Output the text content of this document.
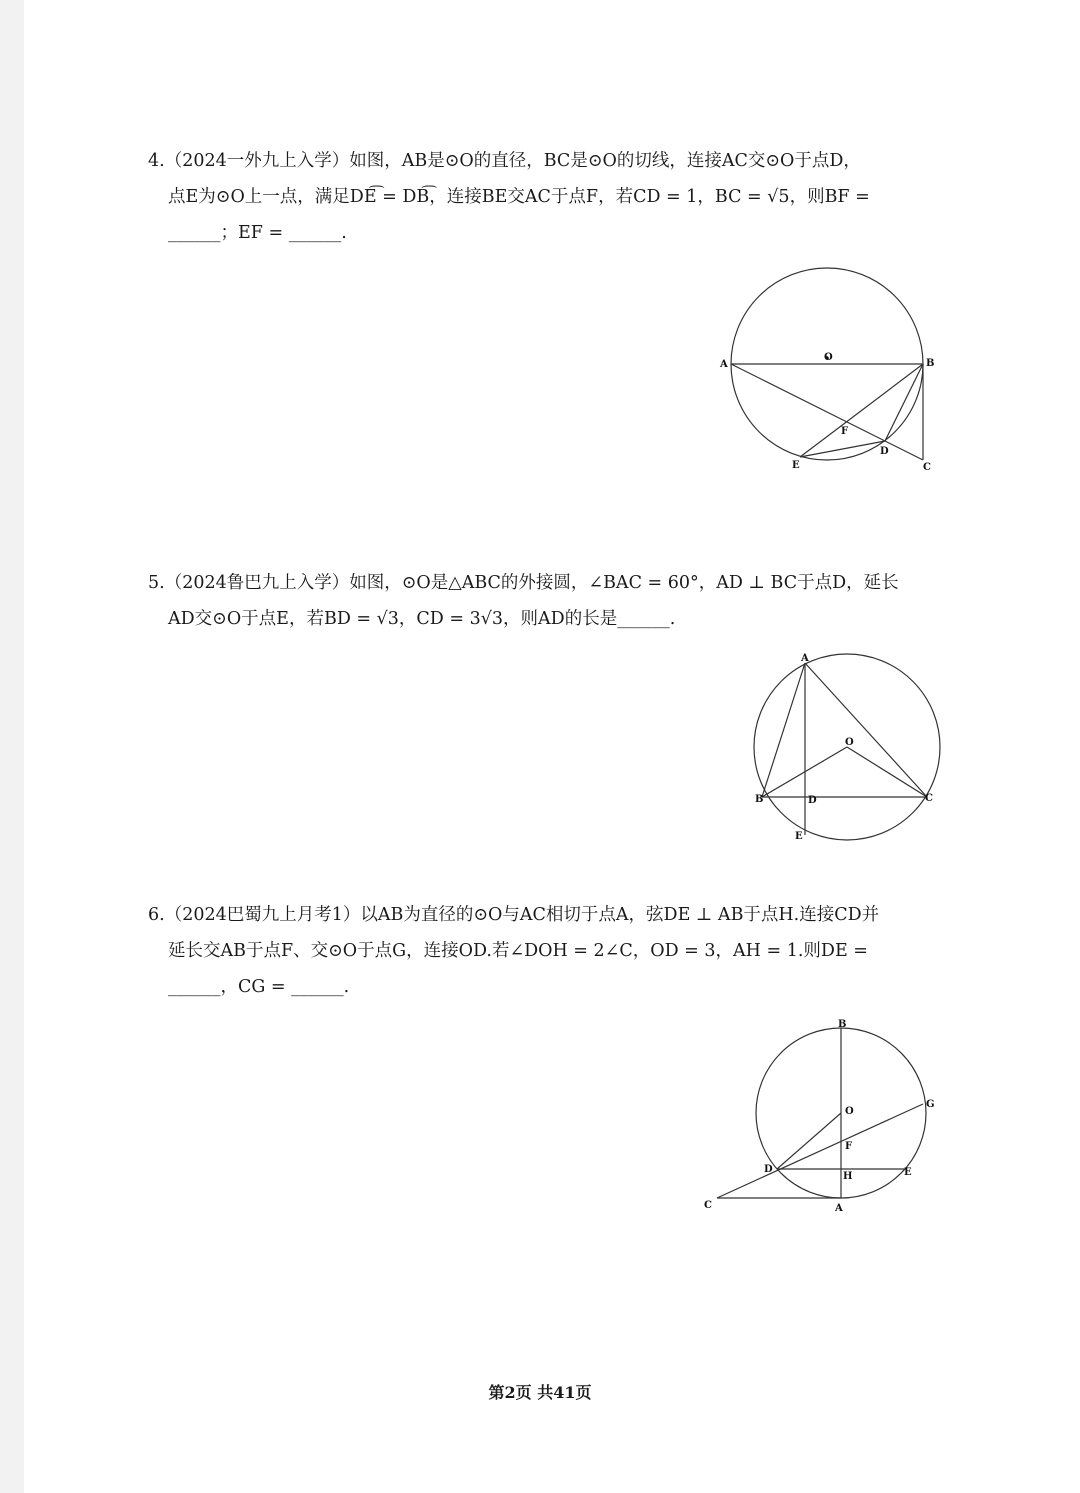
4.（2024一外九上入学）如图，AB是⊙O的直径，BC是⊙O的切线，连接AC交⊙O于点D，
点E为⊙O上一点，满足DE͡ = DB͡，连接BE交AC于点F，若CD = 1，BC = √5，则BF =
______；EF = ______.
A	B
C
D
E
F
O
5.（2024鲁巴九上入学）如图，⊙O是△ABC的外接圆，∠BAC = 60°，AD ⊥ BC于点D，延长
AD交⊙O于点E，若BD = √3，CD = 3√3，则AD的长是______.
A
B	C
D
E
O
6.（2024巴蜀九上月考1）以AB为直径的⊙O与AC相切于点A，弦DE ⊥ AB于点H.连接CD并
延长交AB于点F、交⊙O于点G，连接OD.若∠DOH = 2∠C，OD = 3，AH = 1.则DE =
______，CG = ______.
B
A
C
D	E
F
G
H
O
第2页 共41页
